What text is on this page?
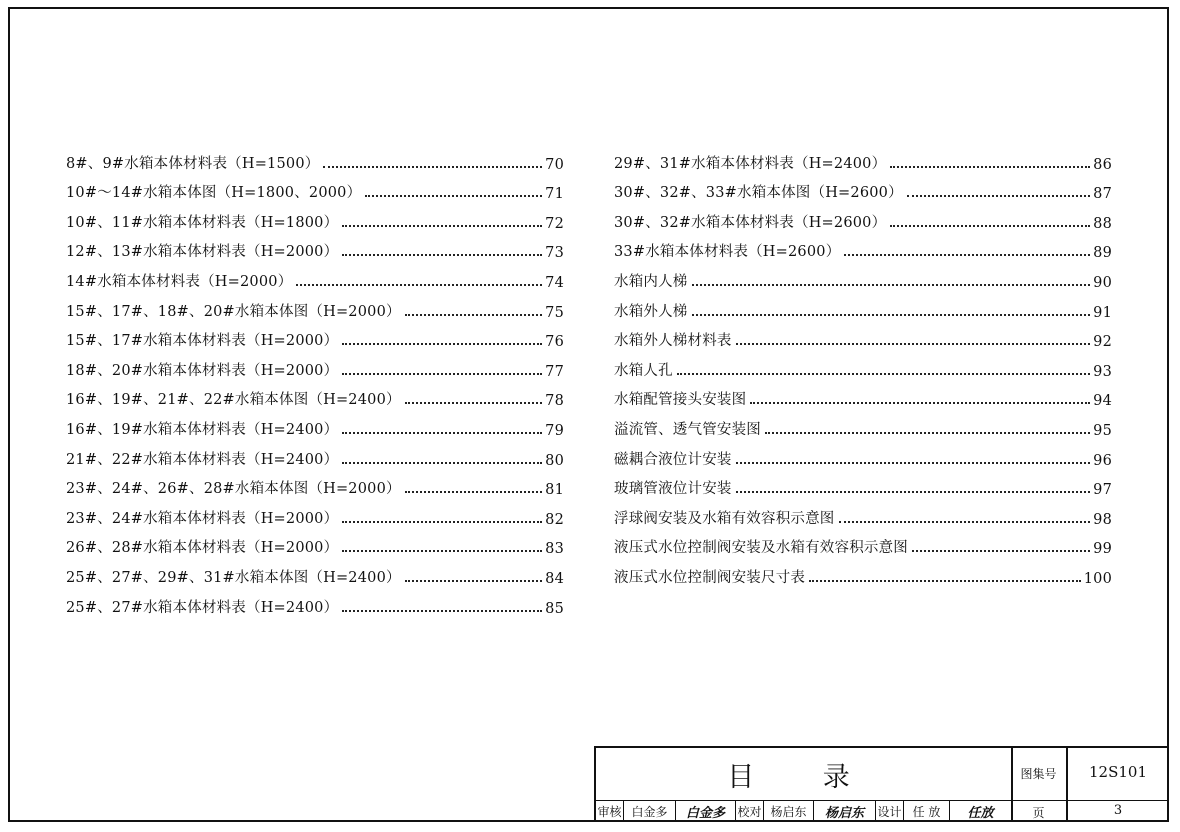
8#、9#水箱本体材料表（H=1500）	70
10#～14#水箱本体图（H=1800、2000）	71
10#、11#水箱本体材料表（H=1800）	72
12#、13#水箱本体材料表（H=2000）	73
14#水箱本体材料表（H=2000）	74
15#、17#、18#、20#水箱本体图（H=2000）	75
15#、17#水箱本体材料表（H=2000）	76
18#、20#水箱本体材料表（H=2000）	77
16#、19#、21#、22#水箱本体图（H=2400）	78
16#、19#水箱本体材料表（H=2400）	79
21#、22#水箱本体材料表（H=2400）	80
23#、24#、26#、28#水箱本体图（H=2000）	81
23#、24#水箱本体材料表（H=2000）	82
26#、28#水箱本体材料表（H=2000）	83
25#、27#、29#、31#水箱本体图（H=2400）	84
25#、27#水箱本体材料表（H=2400）	85
29#、31#水箱本体材料表（H=2400）	86
30#、32#、33#水箱本体图（H=2600）	87
30#、32#水箱本体材料表（H=2600）	88
33#水箱本体材料表（H=2600）	89
水箱内人梯	90
水箱外人梯	91
水箱外人梯材料表	92
水箱人孔	93
水箱配管接头安装图	94
溢流管、透气管安装图	95
磁耦合液位计安装	96
玻璃管液位计安装	97
浮球阀安装及水箱有效容积示意图	98
液压式水位控制阀安装及水箱有效容积示意图	99
液压式水位控制阀安装尺寸表	100
目 录	图集号	12S101
页	3
审核 白金多	白金多	校对 杨启东	杨启东	设计 任 放	任放
